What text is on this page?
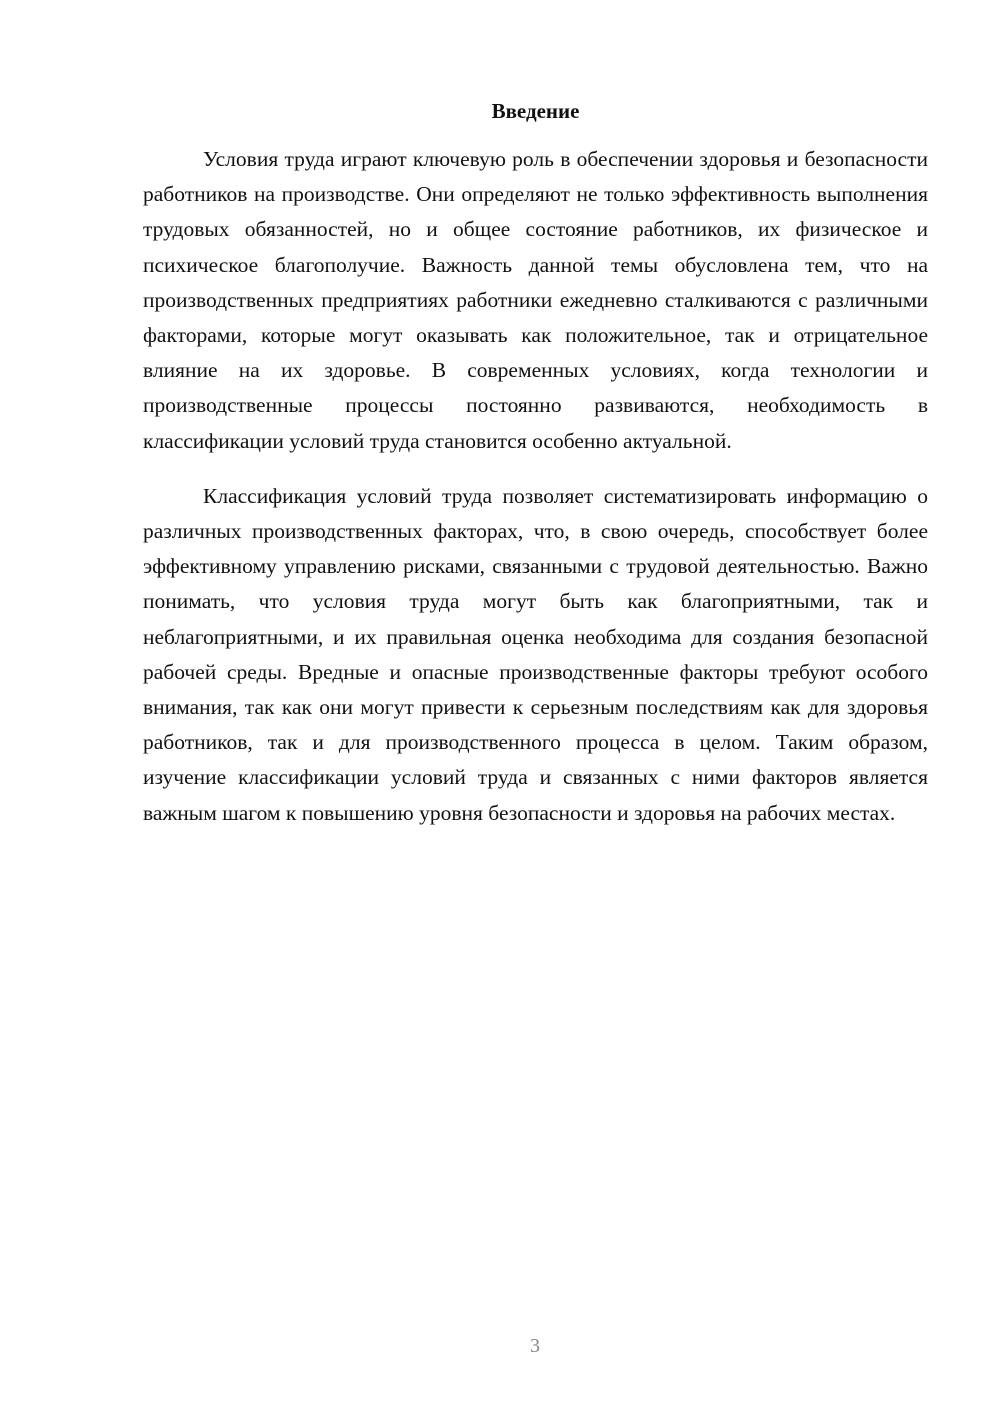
Введение

Условия труда играют ключевую роль в обеспечении здоровья и безопасности работников на производстве. Они определяют не только эффективность выполнения трудовых обязанностей, но и общее состояние работников, их физическое и психическое благополучие. Важность данной темы обусловлена тем, что на производственных предприятиях работники ежедневно сталкиваются с различными факторами, которые могут оказывать как положительное, так и отрицательное влияние на их здоровье. В современных условиях, когда технологии и производственные процессы постоянно развиваются, необходимость в классификации условий труда становится особенно актуальной.

Классификация условий труда позволяет систематизировать информацию о различных производственных факторах, что, в свою очередь, способствует более эффективному управлению рисками, связанными с трудовой деятельностью. Важно понимать, что условия труда могут быть как благоприятными, так и неблагоприятными, и их правильная оценка необходима для создания безопасной рабочей среды. Вредные и опасные производственные факторы требуют особого внимания, так как они могут привести к серьезным последствиям как для здоровья работников, так и для производственного процесса в целом. Таким образом, изучение классификации условий труда и связанных с ними факторов является важным шагом к повышению уровня безопасности и здоровья на рабочих местах.

3
